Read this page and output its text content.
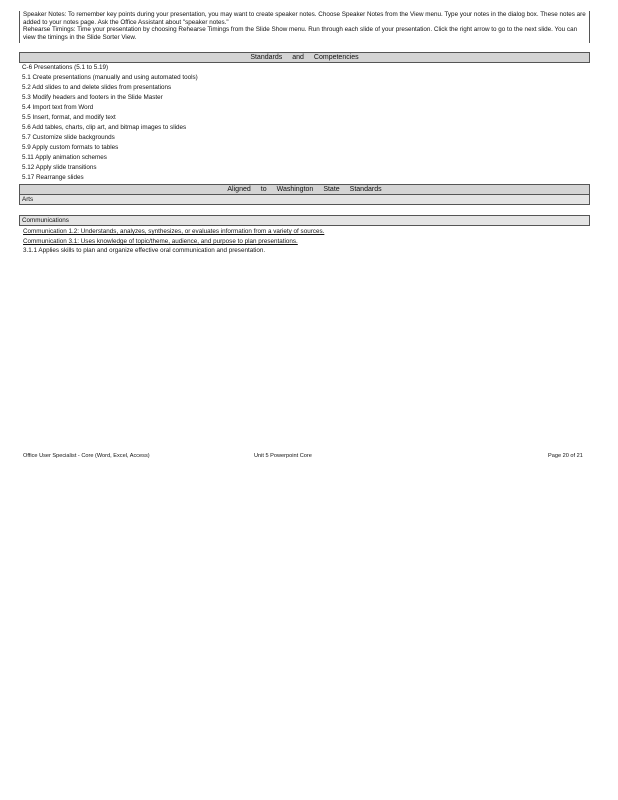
Speaker Notes: To remember key points during your presentation, you may want to create speaker notes. Choose Speaker Notes from the View menu. Type your notes in the dialog box. These notes are added to your notes page. Ask the Office Assistant about "speaker notes."

Rehearse Timings: Time your presentation by choosing Rehearse Timings from the Slide Show menu. Run through each slide of your presentation. Click the right arrow to go to the next slide. You can view the timings in the Slide Sorter View.

Standards and Competencies
C-6 Presentations (5.1 to 5.19)
5.1 Create presentations (manually and using automated tools)
5.2 Add slides to and delete slides from presentations
5.3 Modify headers and footers in the Slide Master
5.4 Import text from Word
5.5 Insert, format, and modify text
5.6 Add tables, charts, clip art, and bitmap images to slides
5.7 Customize slide backgrounds
5.9 Apply custom formats to tables
5.11 Apply animation schemes
5.12 Apply slide transitions
5.17 Rearrange slides
Aligned to Washington State Standards
Arts
Communications
Communication 1.2: Understands, analyzes, synthesizes, or evaluates information from a variety of sources.
Communication 3.1: Uses knowledge of topic/theme, audience, and purpose to plan presentations.
3.1.1 Applies skills to plan and organize effective oral communication and presentation.
Office User Specialist - Core (Word, Excel, Access)	Unit 5 Powerpoint Core	Page 20 of 21
